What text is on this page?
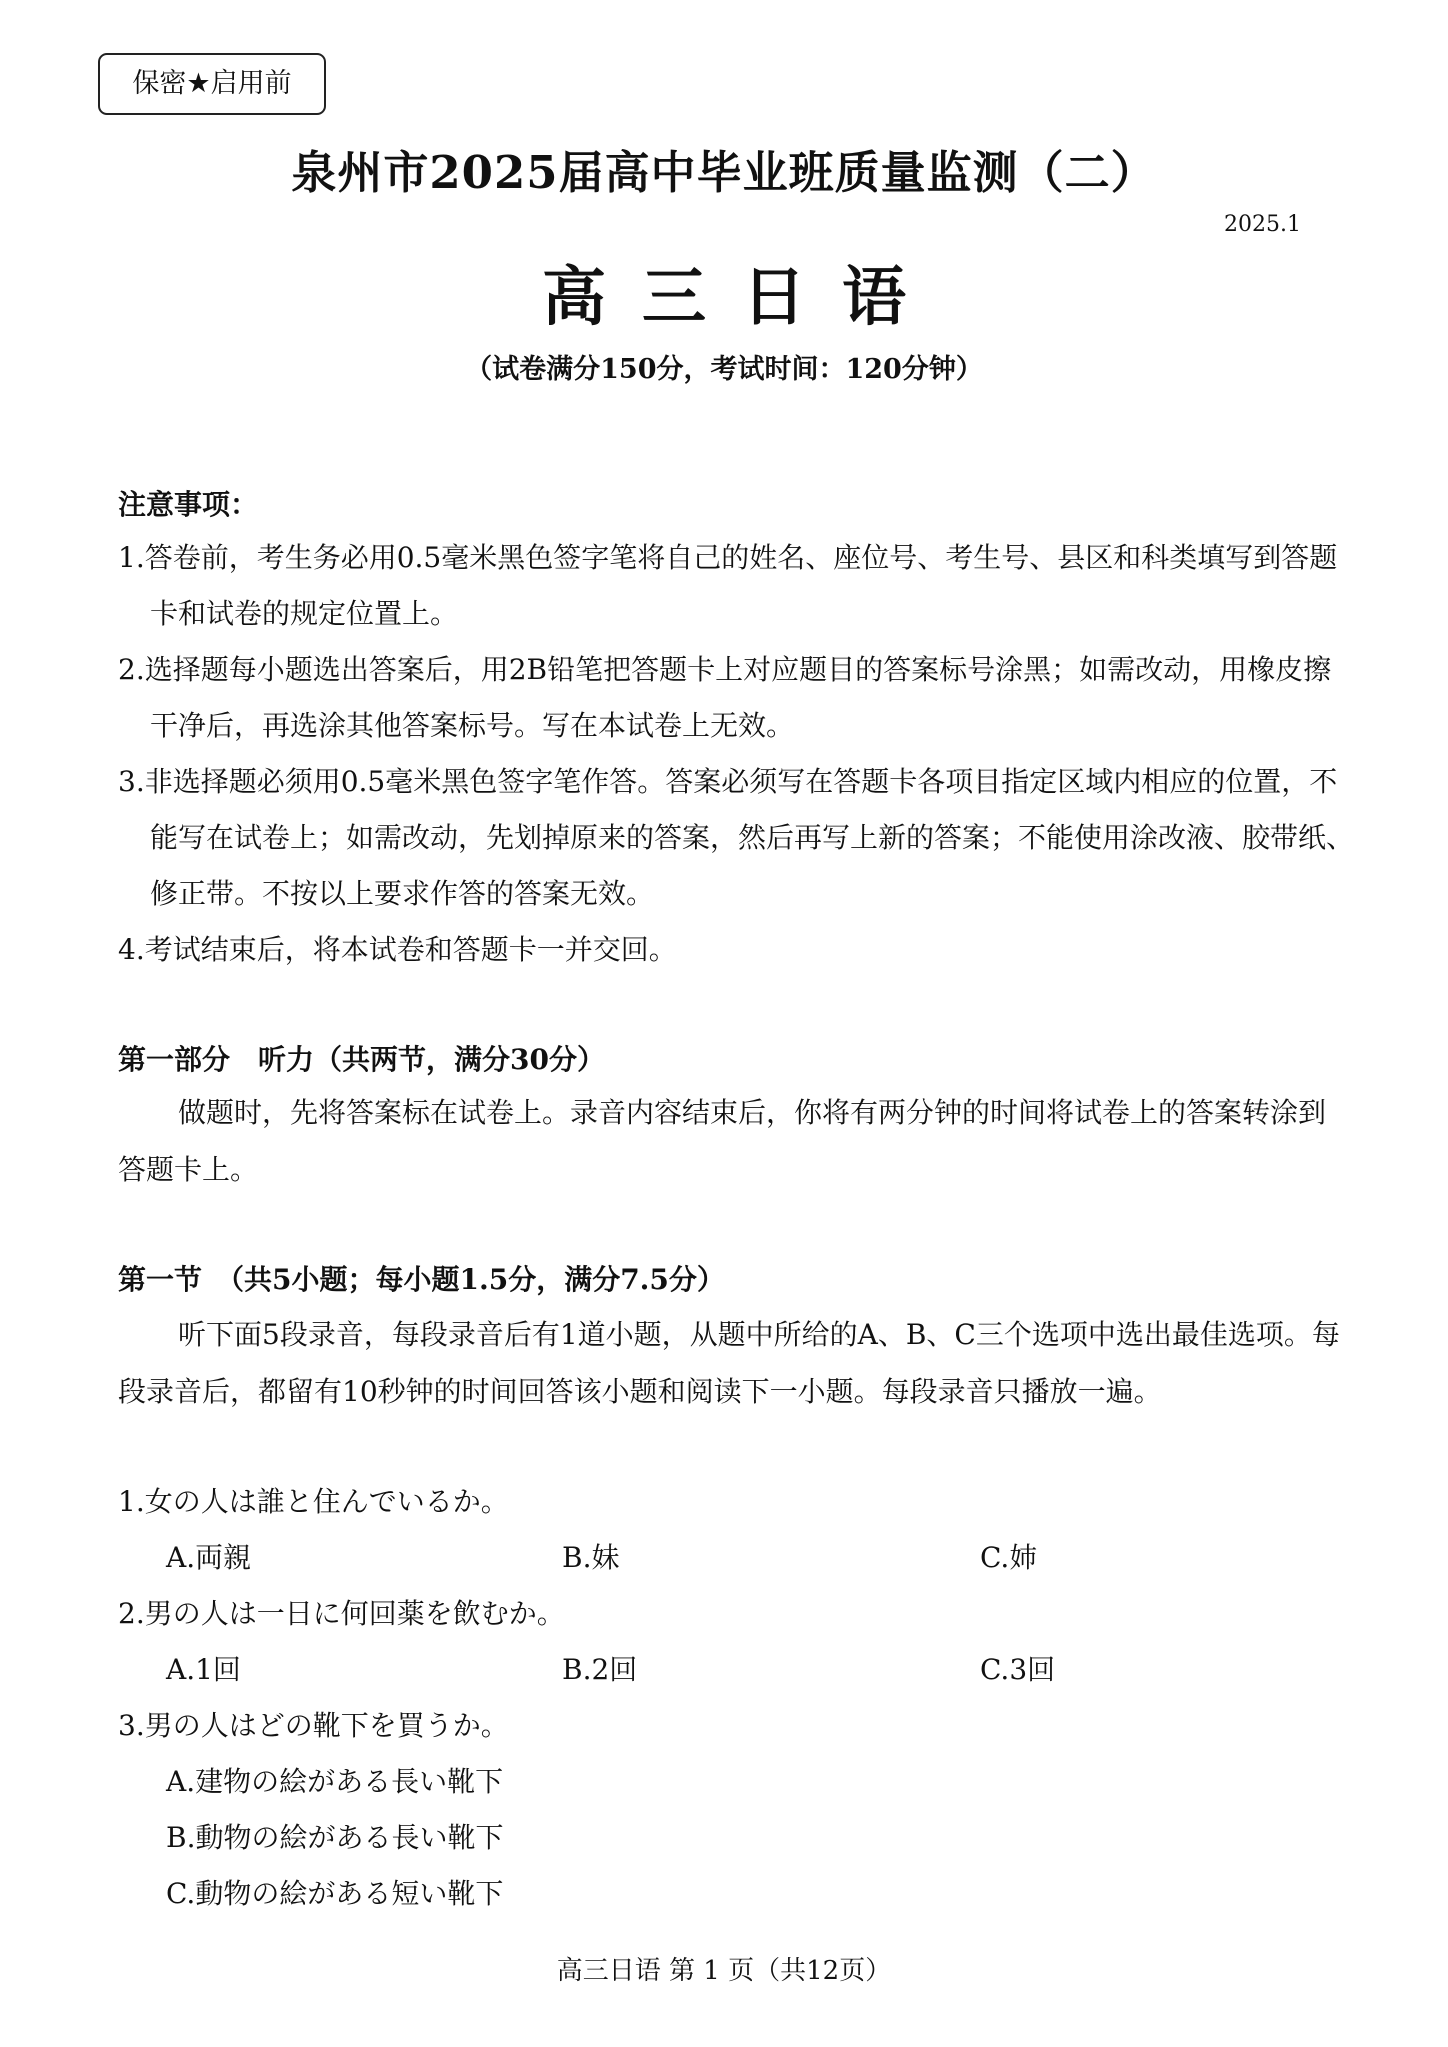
保密★启用前
泉州市2025届高中毕业班质量监测（二）
2025.1
高三日语
（试卷满分150分，考试时间：120分钟）
注意事项：
1.答卷前，考生务必用0.5毫米黑色签字笔将自己的姓名、座位号、考生号、县区和科类填写到答题卡和试卷的规定位置上。
2.选择题每小题选出答案后，用2B铅笔把答题卡上对应题目的答案标号涂黑；如需改动，用橡皮擦干净后，再选涂其他答案标号。写在本试卷上无效。
3.非选择题必须用0.5毫米黑色签字笔作答。答案必须写在答题卡各项目指定区域内相应的位置，不能写在试卷上；如需改动，先划掉原来的答案，然后再写上新的答案；不能使用涂改液、胶带纸、修正带。不按以上要求作答的答案无效。
4.考试结束后，将本试卷和答题卡一并交回。
第一部分　听力（共两节，满分30分）
做题时，先将答案标在试卷上。录音内容结束后，你将有两分钟的时间将试卷上的答案转涂到答题卡上。
第一节　（共5小题；每小题1.5分，满分7.5分）
听下面5段录音，每段录音后有1道小题，从题中所给的A、B、C三个选项中选出最佳选项。每段录音后，都留有10秒钟的时间回答该小题和阅读下一小题。每段录音只播放一遍。
1.女の人は誰と住んでいるか。
A.両親	B.妹	C.姉
2.男の人は一日に何回薬を飲むか。
A.1回	B.2回	C.3回
3.男の人はどの靴下を買うか。
A.建物の絵がある長い靴下
B.動物の絵がある長い靴下
C.動物の絵がある短い靴下
高三日语 第 1 页（共12页）
